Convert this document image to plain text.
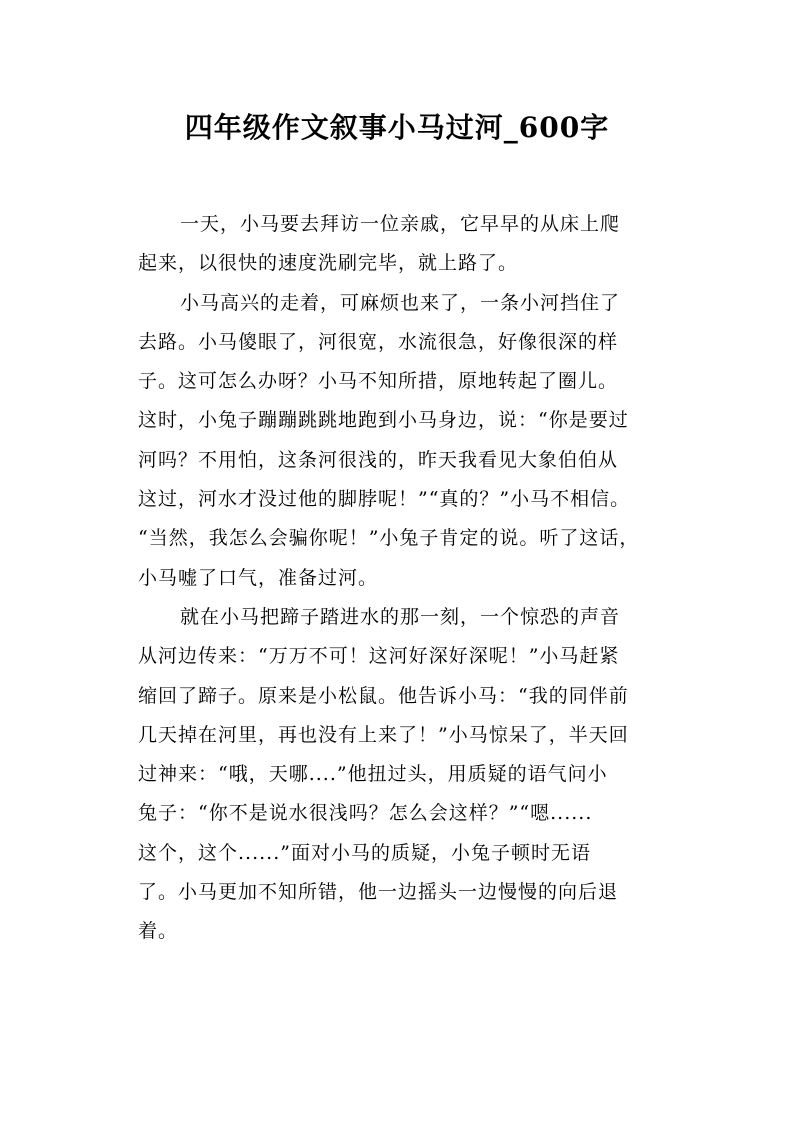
四年级作文叙事小马过河_600字
一天，小马要去拜访一位亲戚，它早早的从床上爬
起来，以很快的速度洗刷完毕，就上路了。
小马高兴的走着，可麻烦也来了，一条小河挡住了
去路。小马傻眼了，河很宽，水流很急，好像很深的样
子。这可怎么办呀？小马不知所措，原地转起了圈儿。
这时，小兔子蹦蹦跳跳地跑到小马身边，说：“你是要过
河吗？不用怕，这条河很浅的，昨天我看见大象伯伯从
这过，河水才没过他的脚脖呢！”“真的？”小马不相信。
“当然，我怎么会骗你呢！”小兔子肯定的说。听了这话，
小马嘘了口气，准备过河。
就在小马把蹄子踏进水的那一刻，一个惊恐的声音
从河边传来：“万万不可！这河好深好深呢！”小马赶紧
缩回了蹄子。原来是小松鼠。他告诉小马：“我的同伴前
几天掉在河里，再也没有上来了！”小马惊呆了，半天回
过神来：“哦，天哪....”他扭过头，用质疑的语气问小
兔子：“你不是说水很浅吗？怎么会这样？”“嗯......
这个，这个......”面对小马的质疑，小兔子顿时无语
了。小马更加不知所错，他一边摇头一边慢慢的向后退
着。
